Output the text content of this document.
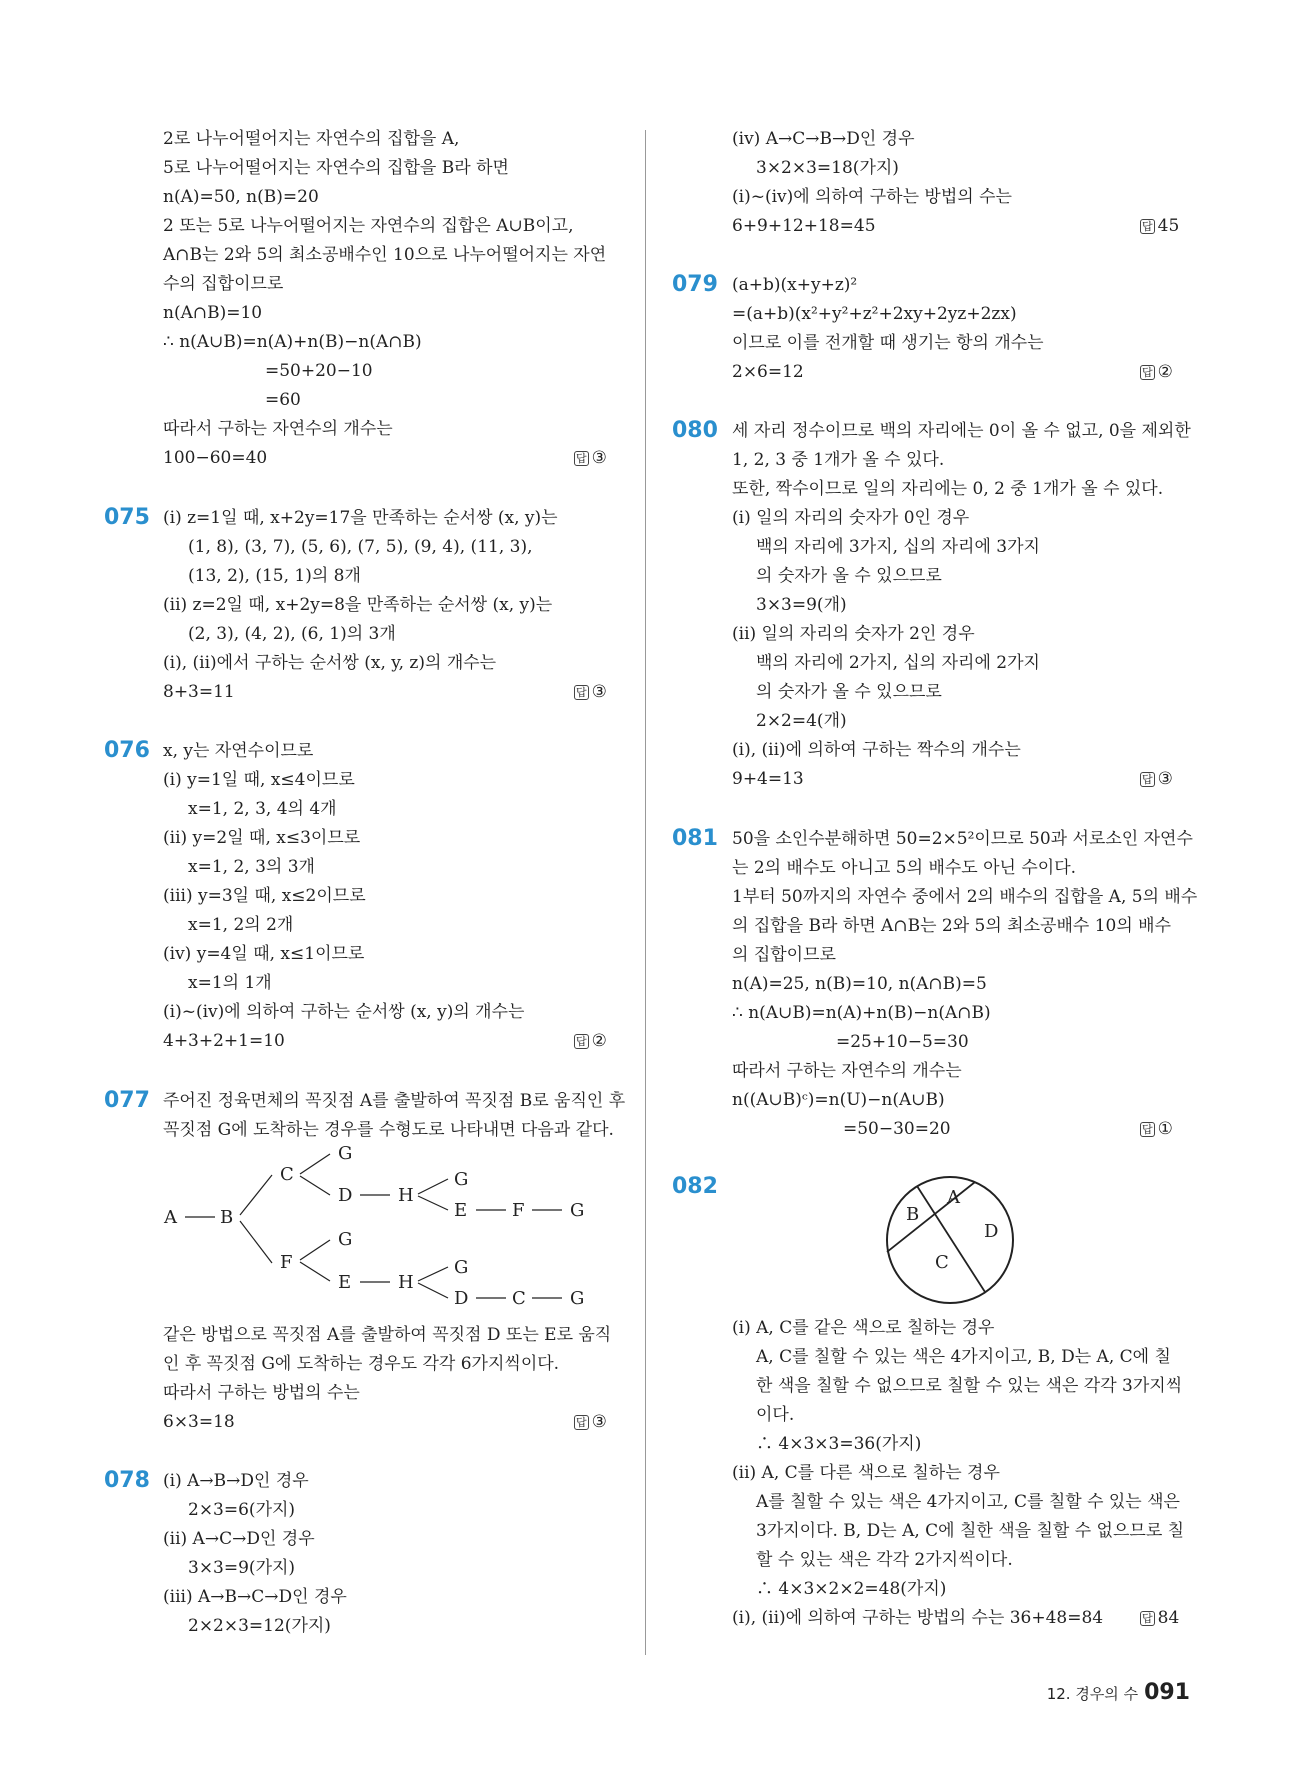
2로 나누어떨어지는 자연수의 집합을 A,
5로 나누어떨어지는 자연수의 집합을 B라 하면
n(A)=50, n(B)=20
2 또는 5로 나누어떨어지는 자연수의 집합은 A∪B이고,
A∩B는 2와 5의 최소공배수인 10으로 나누어떨어지는 자연
수의 집합이므로
n(A∩B)=10
∴ n(A∪B)=n(A)+n(B)−n(A∩B)
=50+20−10
=60
따라서 구하는 자연수의 개수는
100−60=40	답 ③
075 (i) z=1일 때, x+2y=17을 만족하는 순서쌍 (x, y)는
(1, 8), (3, 7), (5, 6), (7, 5), (9, 4), (11, 3),
(13, 2), (15, 1)의 8개
(ii) z=2일 때, x+2y=8을 만족하는 순서쌍 (x, y)는
(2, 3), (4, 2), (6, 1)의 3개
(i), (ii)에서 구하는 순서쌍 (x, y, z)의 개수는
8+3=11	답 ③
076 x, y는 자연수이므로
(i) y=1일 때, x≤4이므로
x=1, 2, 3, 4의 4개
(ii) y=2일 때, x≤3이므로
x=1, 2, 3의 3개
(iii) y=3일 때, x≤2이므로
x=1, 2의 2개
(iv) y=4일 때, x≤1이므로
x=1의 1개
(i)~(iv)에 의하여 구하는 순서쌍 (x, y)의 개수는
4+3+2+1=10	답 ②
077 주어진 정육면체의 꼭짓점 A를 출발하여 꼭짓점 B로 움직인 후
꼭짓점 G에 도착하는 경우를 수형도로 나타내면 다음과 같다.
A B
C
G
D	H
G
E F	G
F
G
E	H
G
D C G
같은 방법으로 꼭짓점 A를 출발하여 꼭짓점 D 또는 E로 움직
인 후 꼭짓점 G에 도착하는 경우도 각각 6가지씩이다.
따라서 구하는 방법의 수는
6×3=18	답 ③
078 (i) A→B→D인 경우
2×3=6(가지)
(ii) A→C→D인 경우
3×3=9(가지)
(iii) A→B→C→D인 경우
2×2×3=12(가지)
(iv) A→C→B→D인 경우
3×2×3=18(가지)
(i)~(iv)에 의하여 구하는 방법의 수는
6+9+12+18=45	답 45
079 (a+b)(x+y+z)²
=(a+b)(x²+y²+z²+2xy+2yz+2zx)
이므로 이를 전개할 때 생기는 항의 개수는
2×6=12	답 ②
080 세 자리 정수이므로 백의 자리에는 0이 올 수 없고, 0을 제외한
1, 2, 3 중 1개가 올 수 있다.
또한, 짝수이므로 일의 자리에는 0, 2 중 1개가 올 수 있다.
(i) 일의 자리의 숫자가 0인 경우
백의 자리에 3가지, 십의 자리에 3가지
의 숫자가 올 수 있으므로
3×3=9(개)
(ii) 일의 자리의 숫자가 2인 경우
백의 자리에 2가지, 십의 자리에 2가지
의 숫자가 올 수 있으므로
2×2=4(개)
(i), (ii)에 의하여 구하는 짝수의 개수는
9+4=13	답 ③
081 50을 소인수분해하면 50=2×5²이므로 50과 서로소인 자연수
는 2의 배수도 아니고 5의 배수도 아닌 수이다.
1부터 50까지의 자연수 중에서 2의 배수의 집합을 A, 5의 배수
의 집합을 B라 하면 A∩B는 2와 5의 최소공배수 10의 배수
의 집합이므로
n(A)=25, n(B)=10, n(A∩B)=5
∴ n(A∪B)=n(A)+n(B)−n(A∩B)
=25+10−5=30
따라서 구하는 자연수의 개수는
n((A∪B)ᶜ)=n(U)−n(A∪B)
=50−30=20	답 ①
082	A
B
D
C
(i) A, C를 같은 색으로 칠하는 경우
A, C를 칠할 수 있는 색은 4가지이고, B, D는 A, C에 칠
한 색을 칠할 수 없으므로 칠할 수 있는 색은 각각 3가지씩
이다.
∴ 4×3×3=36(가지)
(ii) A, C를 다른 색으로 칠하는 경우
A를 칠할 수 있는 색은 4가지이고, C를 칠할 수 있는 색은
3가지이다. B, D는 A, C에 칠한 색을 칠할 수 없으므로 칠
할 수 있는 색은 각각 2가지씩이다.
∴ 4×3×2×2=48(가지)
(i), (ii)에 의하여 구하는 방법의 수는 36+48=84	답 84
12. 경우의 수 091
